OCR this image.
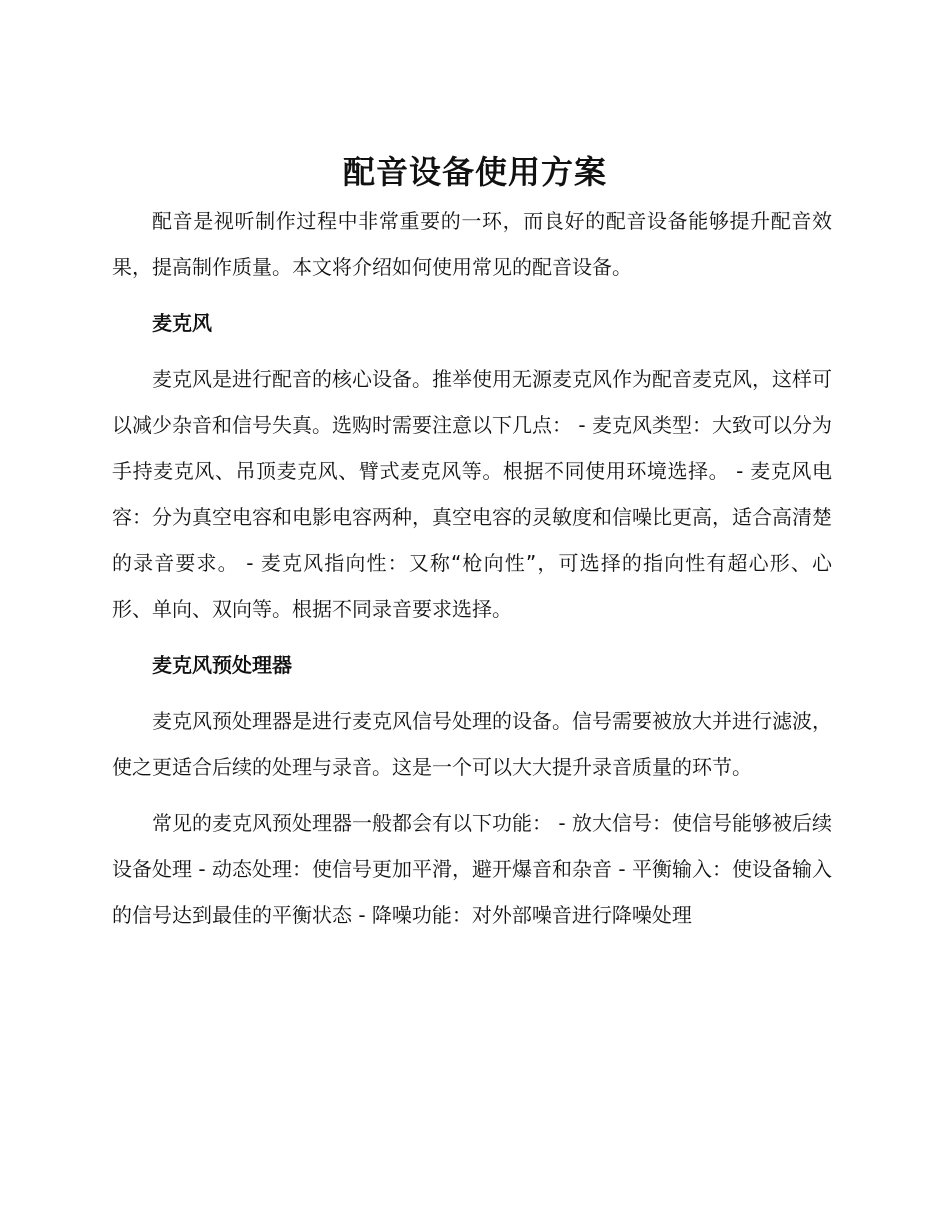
配音设备使用方案

配音是视听制作过程中非常重要的一环，而良好的配音设备能够提升配音效果，提高制作质量。本文将介绍如何使用常见的配音设备。

麦克风

麦克风是进行配音的核心设备。推举使用无源麦克风作为配音麦克风，这样可以减少杂音和信号失真。选购时需要注意以下几点： - 麦克风类型：大致可以分为手持麦克风、吊顶麦克风、臂式麦克风等。根据不同使用环境选择。 - 麦克风电容：分为真空电容和电影电容两种，真空电容的灵敏度和信噪比更高，适合高清楚的录音要求。 - 麦克风指向性：又称“枪向性”，可选择的指向性有超心形、心形、单向、双向等。根据不同录音要求选择。

麦克风预处理器

麦克风预处理器是进行麦克风信号处理的设备。信号需要被放大并进行滤波，使之更适合后续的处理与录音。这是一个可以大大提升录音质量的环节。

常见的麦克风预处理器一般都会有以下功能： - 放大信号：使信号能够被后续设备处理 - 动态处理：使信号更加平滑，避开爆音和杂音 - 平衡输入：使设备输入的信号达到最佳的平衡状态 - 降噪功能：对外部噪音进行降噪处理
